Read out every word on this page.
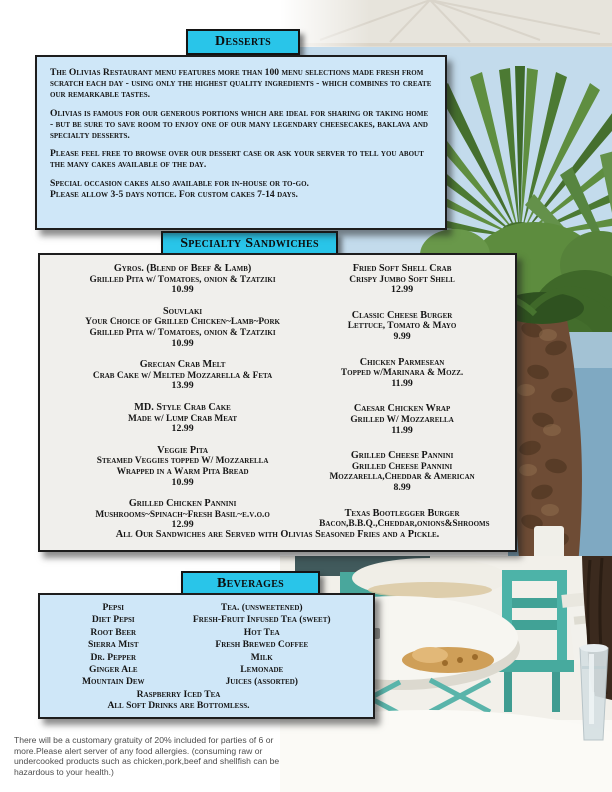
Desserts
Specialty Sandwiches
Beverages
The Olivias Restaurant menu features more than 100 menu selections made fresh from scratch each day - using only the highest quality ingredients - which combines to create our remarkable tastes.
Olivias is famous for our generous portions which are ideal for sharing or taking home - but be sure to save room to enjoy one of our many legendary cheesecakes, baklava and specialty desserts.
Please feel free to browse over our dessert case or ask your server to tell you about the many cakes available of the day.
Special occasion cakes also available for in-house or to-go.
Please allow 3-5 days notice. For custom cakes 7-14 days.
Gyros. (Blend of Beef & Lamb)
Grilled Pita w/ Tomatoes, onion & Tzatziki
10.99
Souvlaki
Your Choice of Grilled Chicken~Lamb~Pork
Grilled Pita w/ Tomatoes, onion & Tzatziki
10.99
Grecian Crab Melt
Crab Cake w/ Melted Mozzarella & Feta
13.99
MD. Style Crab Cake
Made w/ Lump Crab Meat
12.99
Veggie Pita
Steamed Veggies topped W/ Mozzarella
Wrapped in a Warm Pita Bread
10.99
Grilled Chicken Pannini
Mushrooms~Spinach~Fresh Basil~e.v.o.o
12.99
Fried Soft Shell Crab
Crispy Jumbo Soft Shell
12.99
Classic Cheese Burger
Lettuce, Tomato & Mayo
9.99
Chicken Parmesean
Topped w/Marinara & Mozz.
11.99
Caesar Chicken Wrap
Grilled W/ Mozzarella
11.99
Grilled Cheese Pannini
Grilled Cheese Pannini
Mozzarella,Cheddar & American
8.99
Texas Bootlegger Burger
Bacon,B.B.Q.,Cheddar,onions&Shrooms
All Our Sandwiches are Served with Olivias Seasoned Fries and a Pickle.
Pepsi
Diet Pepsi
Root Beer
Sierra Mist
Dr. Pepper
Ginger Ale
Mountain Dew
Tea. (unsweetened)
Fresh-Fruit Infused Tea (sweet)
Hot Tea
Fresh Brewed Coffee
Milk
Lemonade
Juices (assorted)
Raspberry Iced Tea
All Soft Drinks are Bottomless.
There will be a customary gratuity of 20% included for parties of 6 or more.Please alert server of any food allergies. (consuming raw or undercooked products such as chicken,pork,beef and shellfish can be hazardous to your health.)
